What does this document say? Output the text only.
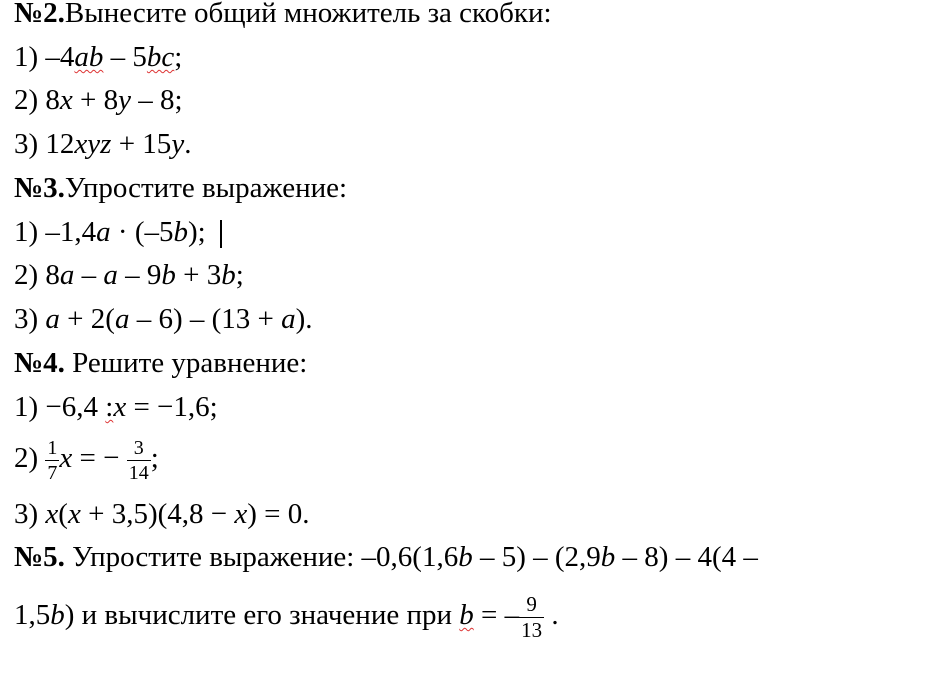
№2.Вынесите общий множитель за скобки:
1) –4ab – 5bc;
2) 8x + 8y – 8;
3) 12xyz + 15y.
№3.Упростите выражение:
1) –1,4a · (–5b);
2) 8a – a – 9b + 3b;
3) a + 2(a – 6) – (13 + a).
№4. Решите уравнение:
1) −6,4 :x = −1,6;
$2) \frac{1}{7}$ x = − $\frac{3}{14}$ ;
3) x(x + 3,5)(4,8 − x) = 0.
№5. Упростите выражение: –0,6(1,6b – 5) – (2,9b – 8) – 4(4 –
1,5b) и вычислите его значение при b = – $\frac{9}{13}$ .
